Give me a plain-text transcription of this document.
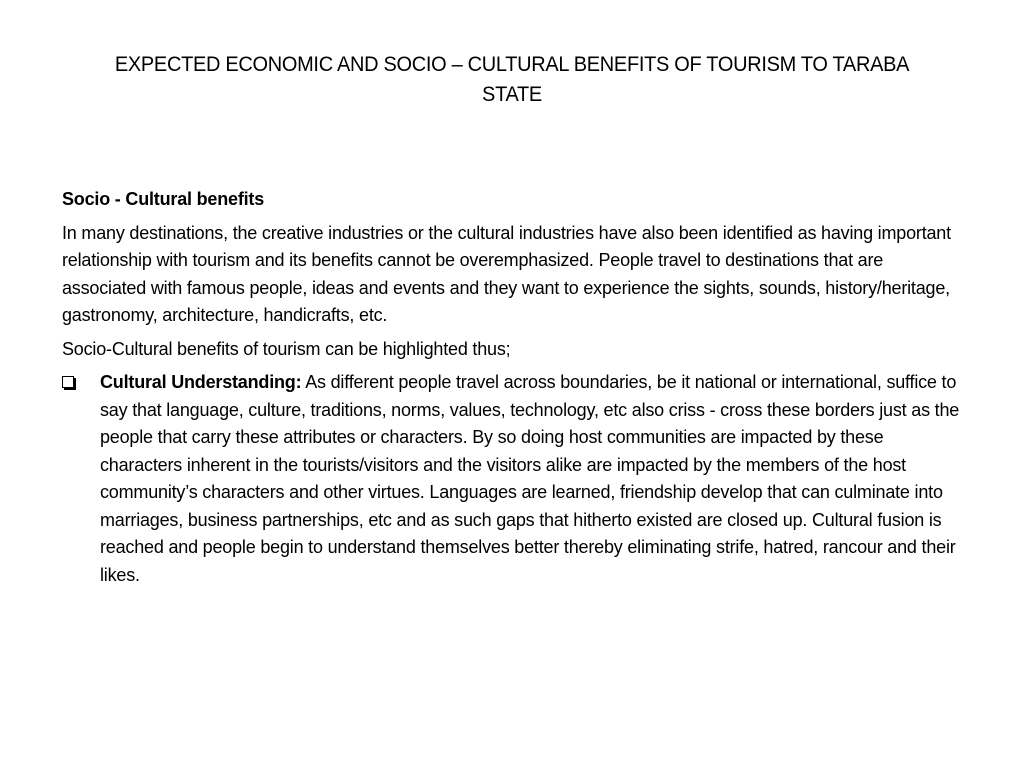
EXPECTED ECONOMIC AND SOCIO – CULTURAL BENEFITS OF TOURISM TO TARABA STATE

Socio - Cultural benefits

In many destinations, the creative industries or the cultural industries have also been identified as having important relationship with tourism and its benefits cannot be overemphasized. People travel to destinations that are associated with famous people, ideas and events and they want to experience the sights, sounds, history/heritage, gastronomy, architecture, handicrafts, etc.

Socio-Cultural benefits of tourism can be highlighted thus;

Cultural Understanding: As different people travel across boundaries, be it national or international, suffice to say that language, culture, traditions, norms, values, technology, etc also criss - cross these borders just as the people that carry these attributes or characters. By so doing host communities are impacted by these characters inherent in the tourists/visitors and the visitors alike are impacted by the members of the host community’s characters and other virtues. Languages are learned, friendship develop that can culminate into marriages, business partnerships, etc and as such gaps that hitherto existed are closed up. Cultural fusion is reached and people begin to understand themselves better thereby eliminating strife, hatred, rancour and their likes.
